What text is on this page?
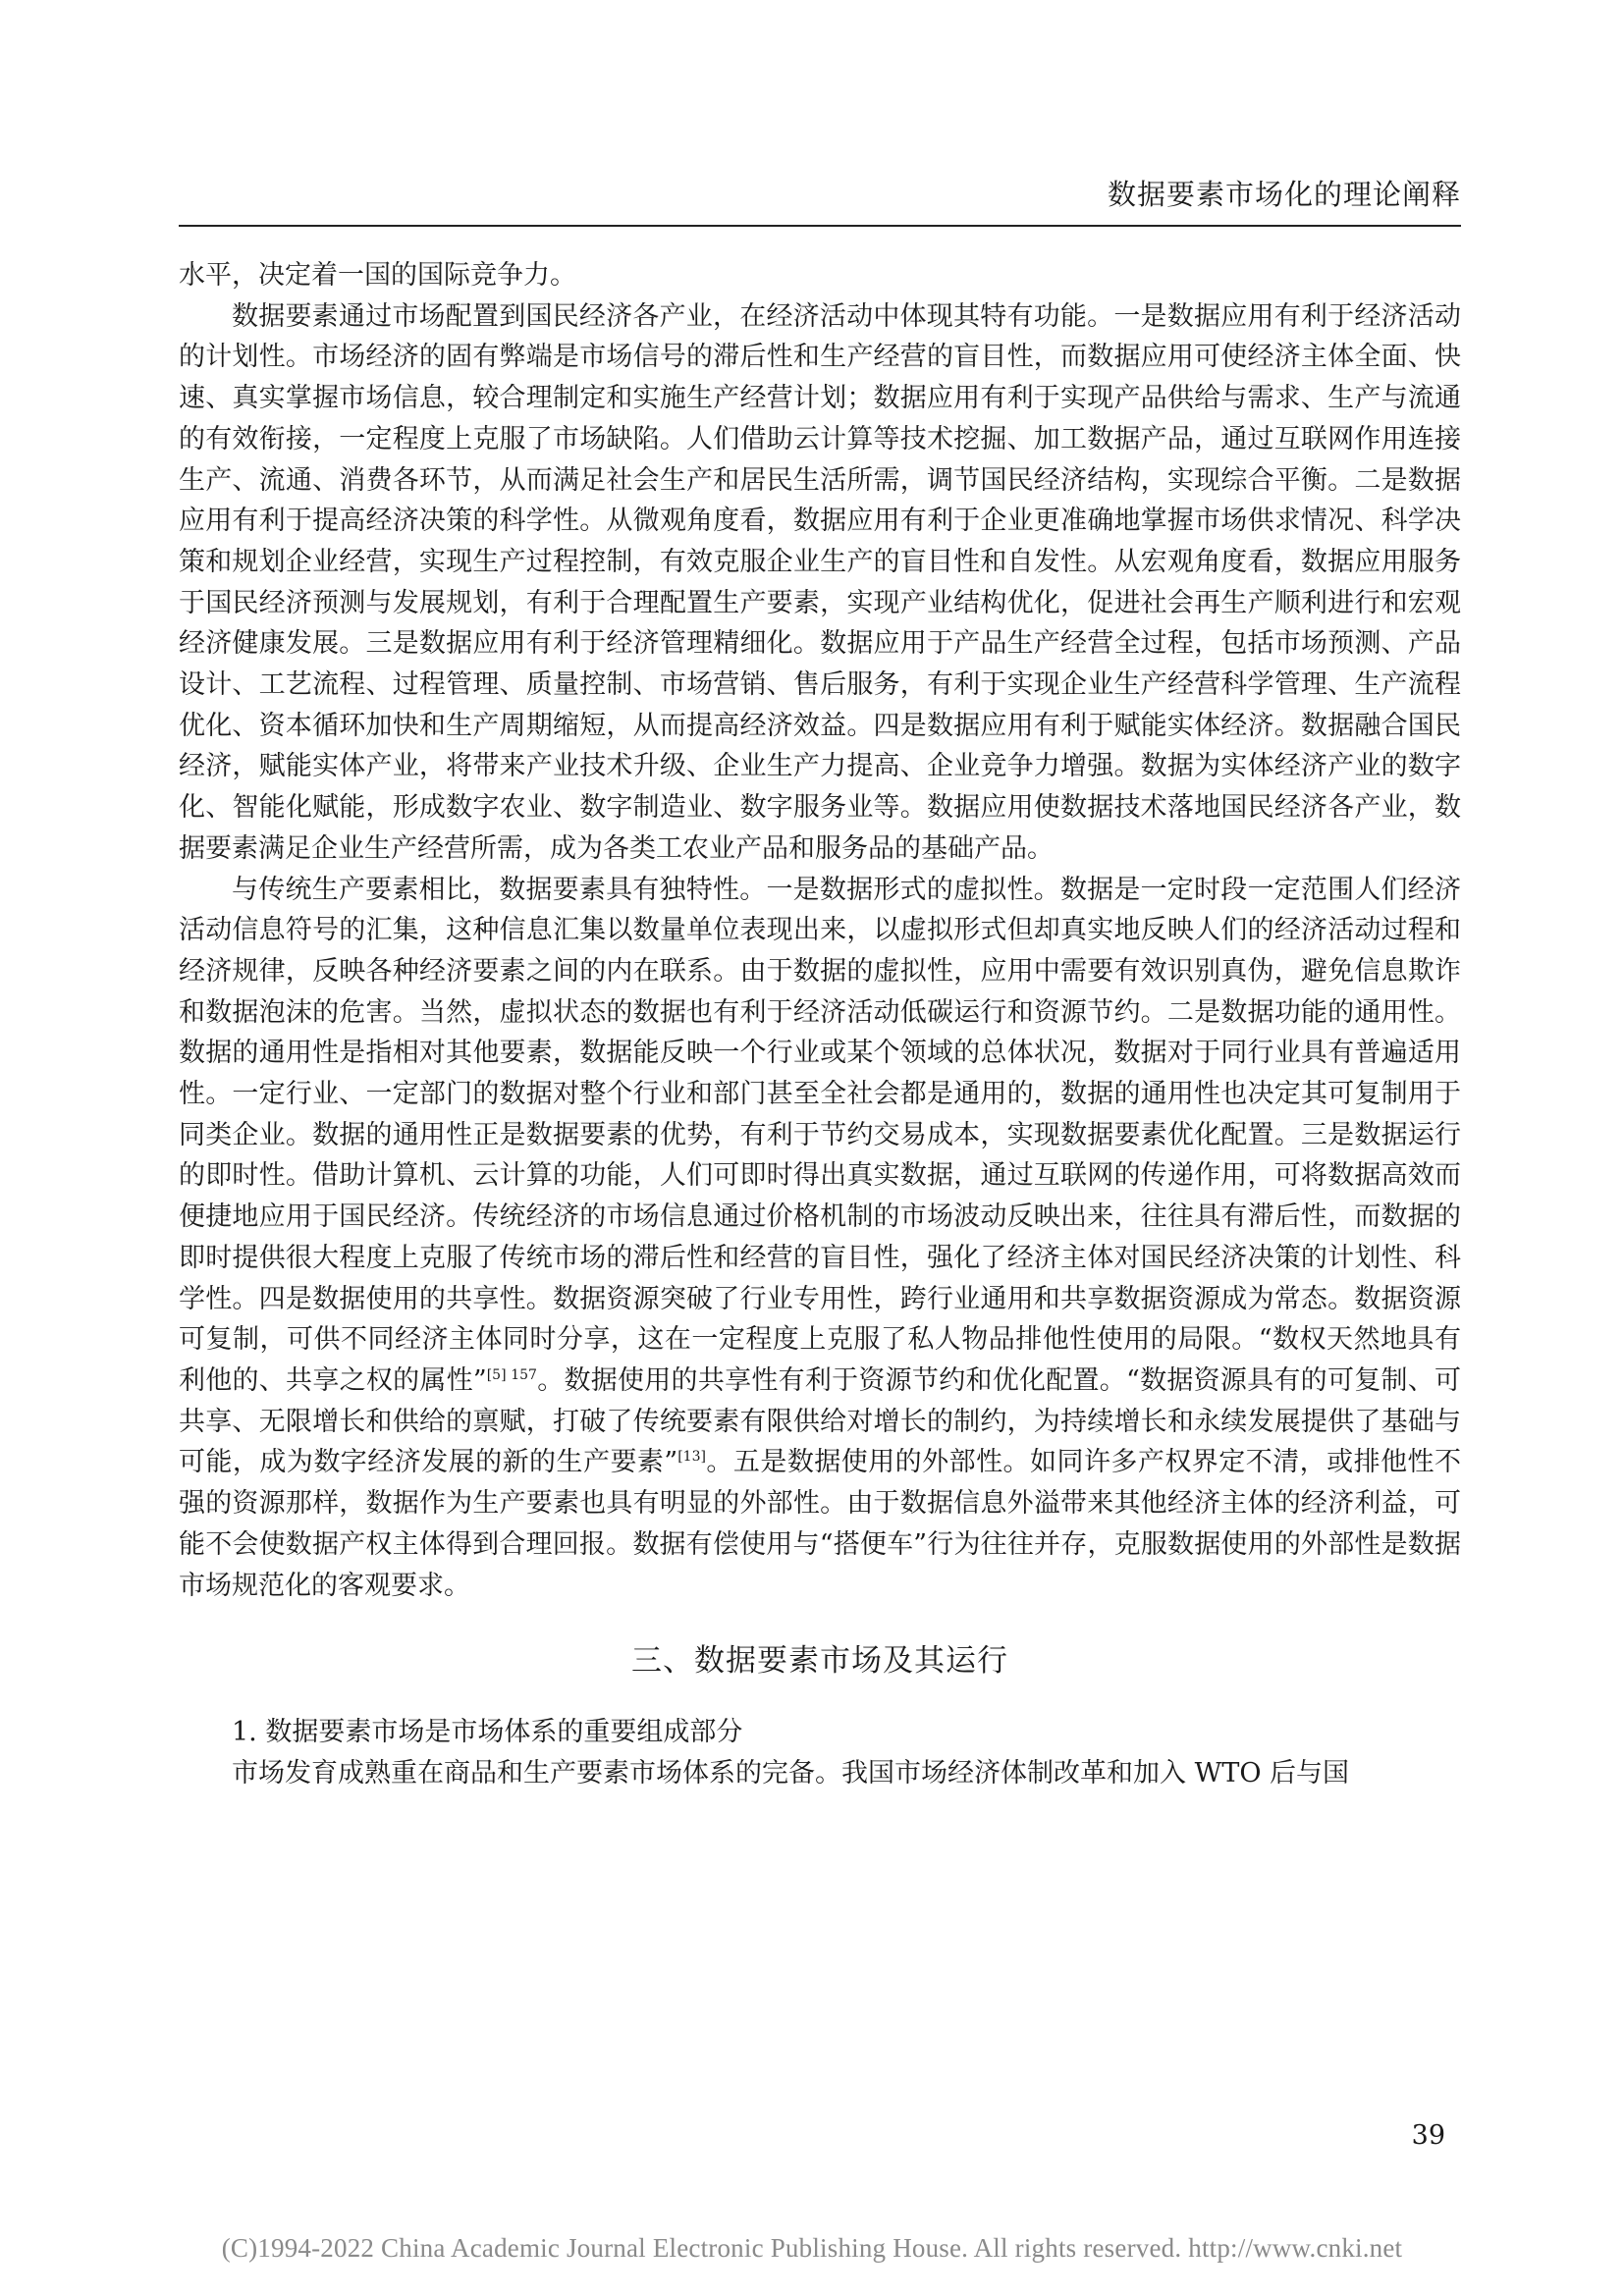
数据要素市场化的理论阐释

水平，决定着一国的国际竞争力。

数据要素通过市场配置到国民经济各产业，在经济活动中体现其特有功能。一是数据应用有利于经济活动的计划性。市场经济的固有弊端是市场信号的滞后性和生产经营的盲目性，而数据应用可使经济主体全面、快速、真实掌握市场信息，较合理制定和实施生产经营计划；数据应用有利于实现产品供给与需求、生产与流通的有效衔接，一定程度上克服了市场缺陷。人们借助云计算等技术挖掘、加工数据产品，通过互联网作用连接生产、流通、消费各环节，从而满足社会生产和居民生活所需，调节国民经济结构，实现综合平衡。二是数据应用有利于提高经济决策的科学性。从微观角度看，数据应用有利于企业更准确地掌握市场供求情况、科学决策和规划企业经营，实现生产过程控制，有效克服企业生产的盲目性和自发性。从宏观角度看，数据应用服务于国民经济预测与发展规划，有利于合理配置生产要素，实现产业结构优化，促进社会再生产顺利进行和宏观经济健康发展。三是数据应用有利于经济管理精细化。数据应用于产品生产经营全过程，包括市场预测、产品设计、工艺流程、过程管理、质量控制、市场营销、售后服务，有利于实现企业生产经营科学管理、生产流程优化、资本循环加快和生产周期缩短，从而提高经济效益。四是数据应用有利于赋能实体经济。数据融合国民经济，赋能实体产业，将带来产业技术升级、企业生产力提高、企业竞争力增强。数据为实体经济产业的数字化、智能化赋能，形成数字农业、数字制造业、数字服务业等。数据应用使数据技术落地国民经济各产业，数据要素满足企业生产经营所需，成为各类工农业产品和服务品的基础产品。

与传统生产要素相比，数据要素具有独特性。一是数据形式的虚拟性。数据是一定时段一定范围人们经济活动信息符号的汇集，这种信息汇集以数量单位表现出来，以虚拟形式但却真实地反映人们的经济活动过程和经济规律，反映各种经济要素之间的内在联系。由于数据的虚拟性，应用中需要有效识别真伪，避免信息欺诈和数据泡沫的危害。当然，虚拟状态的数据也有利于经济活动低碳运行和资源节约。二是数据功能的通用性。数据的通用性是指相对其他要素，数据能反映一个行业或某个领域的总体状况，数据对于同行业具有普遍适用性。一定行业、一定部门的数据对整个行业和部门甚至全社会都是通用的，数据的通用性也决定其可复制用于同类企业。数据的通用性正是数据要素的优势，有利于节约交易成本，实现数据要素优化配置。三是数据运行的即时性。借助计算机、云计算的功能，人们可即时得出真实数据，通过互联网的传递作用，可将数据高效而便捷地应用于国民经济。传统经济的市场信息通过价格机制的市场波动反映出来，往往具有滞后性，而数据的即时提供很大程度上克服了传统市场的滞后性和经营的盲目性，强化了经济主体对国民经济决策的计划性、科学性。四是数据使用的共享性。数据资源突破了行业专用性，跨行业通用和共享数据资源成为常态。数据资源可复制，可供不同经济主体同时分享，这在一定程度上克服了私人物品排他性使用的局限。“数权天然地具有利他的、共享之权的属性”$^{[5] 157}$。数据使用的共享性有利于资源节约和优化配置。“数据资源具有的可复制、可共享、无限增长和供给的禀赋，打破了传统要素有限供给对增长的制约，为持续增长和永续发展提供了基础与可能，成为数字经济发展的新的生产要素”[13]。五是数据使用的外部性。如同许多产权界定不清，或排他性不强的资源那样，数据作为生产要素也具有明显的外部性。由于数据信息外溢带来其他经济主体的经济利益，可能不会使数据产权主体得到合理回报。数据有偿使用与“搭便车”行为往往并存，克服数据使用的外部性是数据市场规范化的客观要求。

三、数据要素市场及其运行

1. 数据要素市场是市场体系的重要组成部分

市场发育成熟重在商品和生产要素市场体系的完备。我国市场经济体制改革和加入 WTO 后与国

39
(C)1994-2022 China Academic Journal Electronic Publishing House. All rights reserved. http://www.cnki.net
